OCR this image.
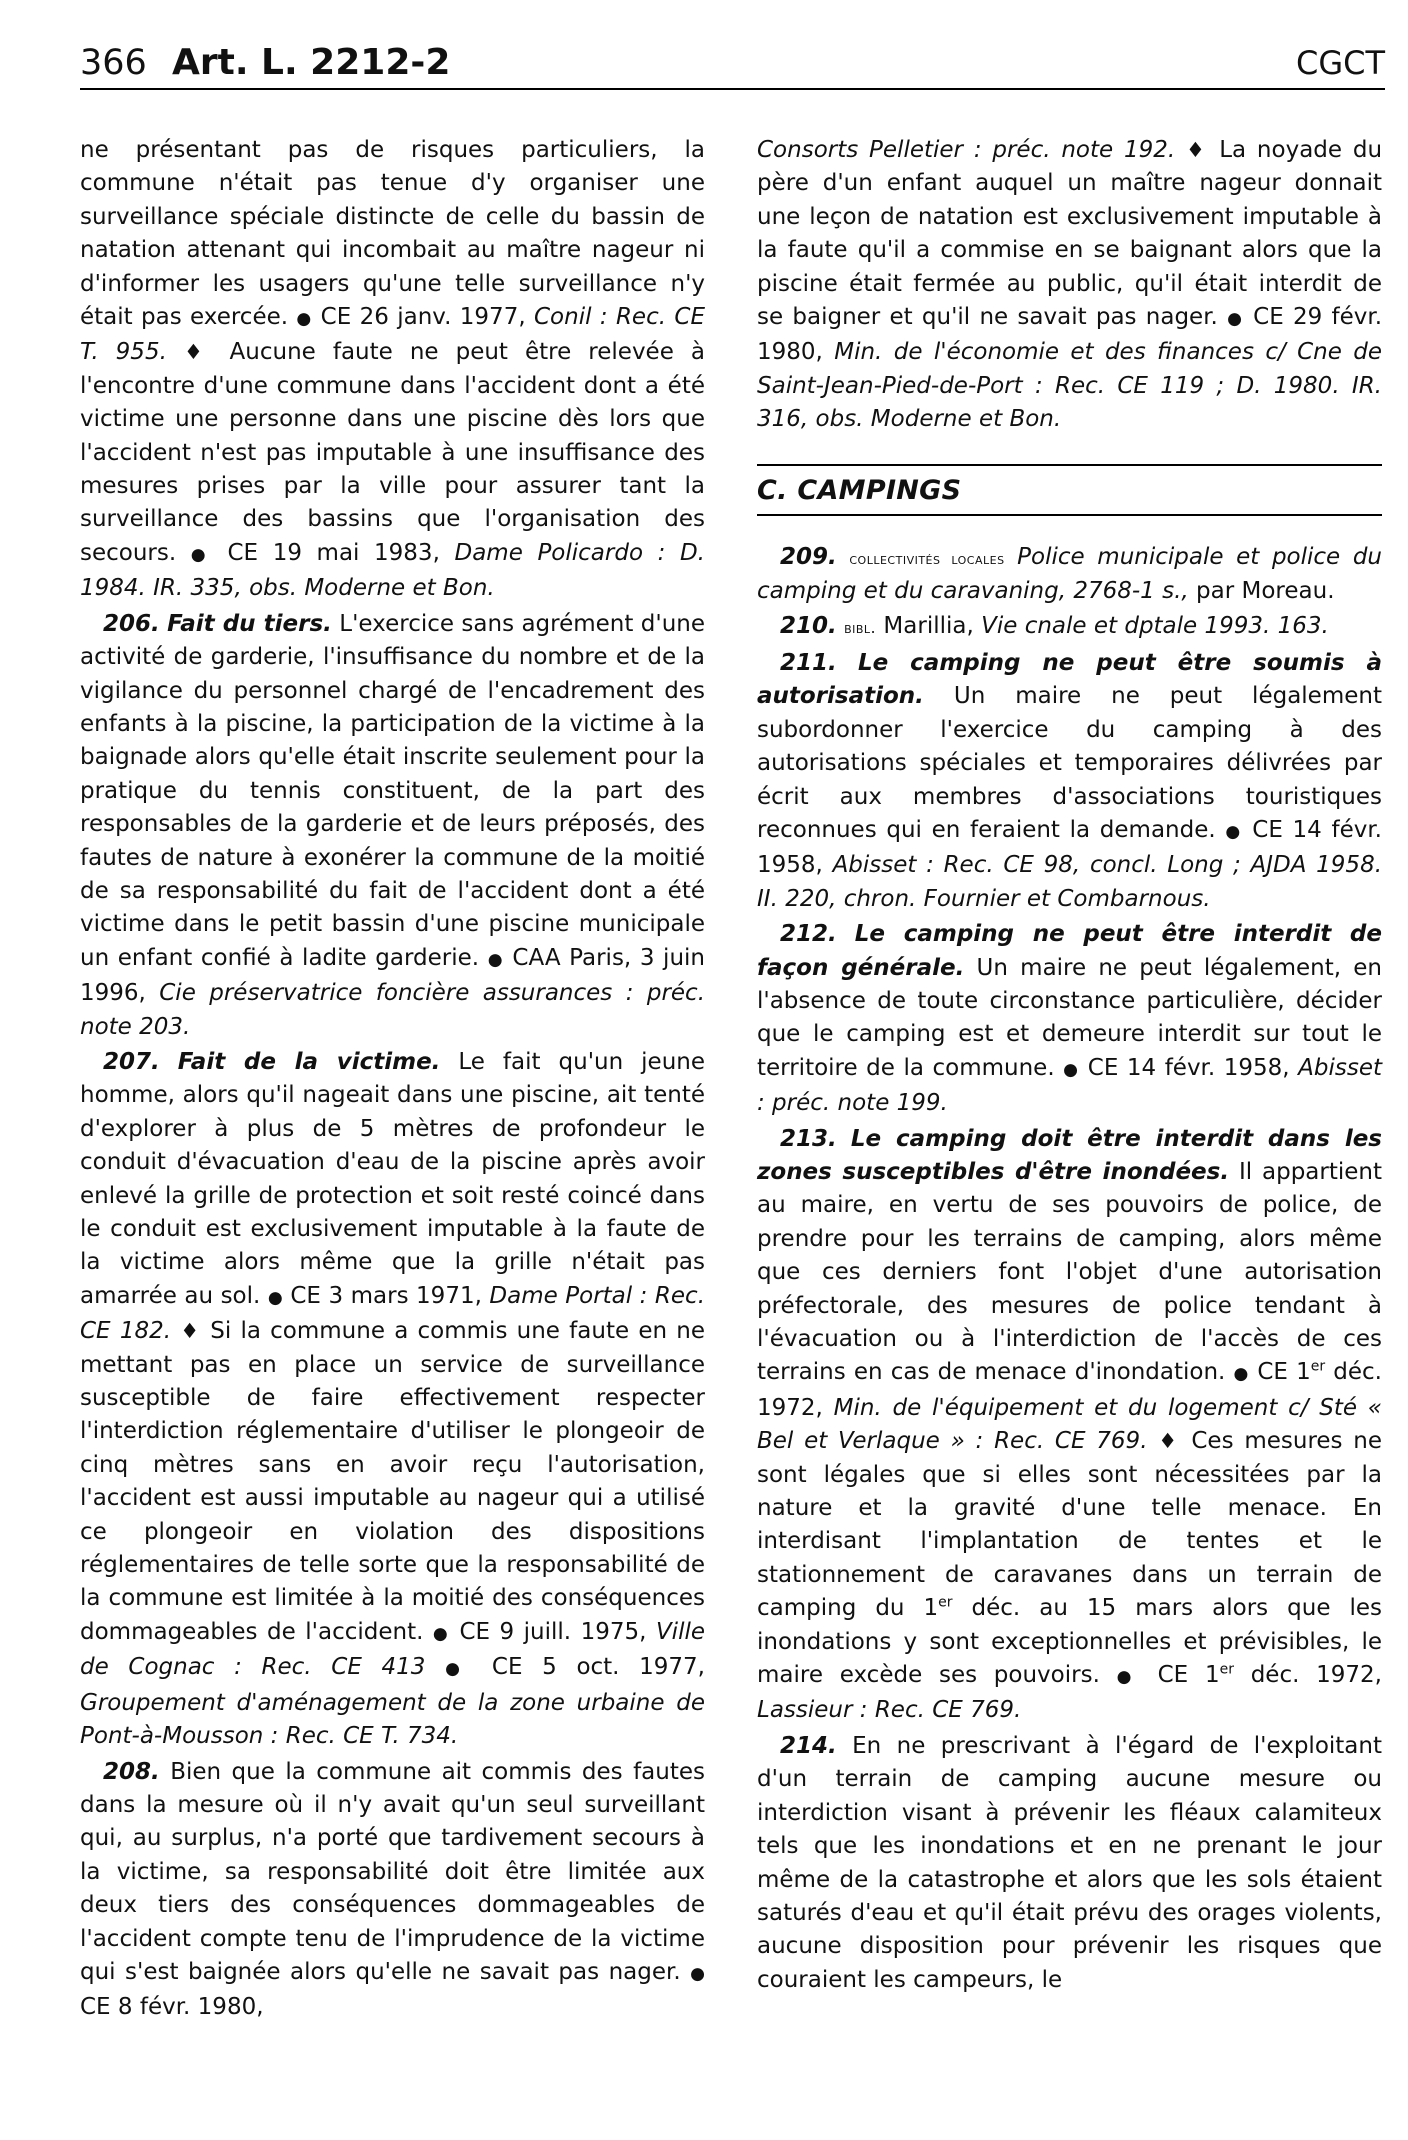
366 Art. L. 2212-2	CGCT

ne présentant pas de risques particuliers, la commune n'était pas tenue d'y organiser une surveillance spéciale distincte de celle du bassin de natation attenant qui incombait au maître nageur ni d'informer les usagers qu'une telle surveillance n'y était pas exercée. ● CE 26 janv. 1977, Conil : Rec. CE T. 955. ♦ Aucune faute ne peut être relevée à l'encontre d'une commune dans l'accident dont a été victime une personne dans une piscine dès lors que l'accident n'est pas imputable à une insuffisance des mesures prises par la ville pour assurer tant la surveillance des bassins que l'organisation des secours. ● CE 19 mai 1983, Dame Policardo : D. 1984. IR. 335, obs. Moderne et Bon.

206. Fait du tiers. L'exercice sans agrément d'une activité de garderie, l'insuffisance du nombre et de la vigilance du personnel chargé de l'encadrement des enfants à la piscine, la participation de la victime à la baignade alors qu'elle était inscrite seulement pour la pratique du tennis constituent, de la part des responsables de la garderie et de leurs préposés, des fautes de nature à exonérer la commune de la moitié de sa responsabilité du fait de l'accident dont a été victime dans le petit bassin d'une piscine municipale un enfant confié à ladite garderie. ● CAA Paris, 3 juin 1996, Cie préservatrice foncière assurances : préc. note 203.

207. Fait de la victime. Le fait qu'un jeune homme, alors qu'il nageait dans une piscine, ait tenté d'explorer à plus de 5 mètres de profondeur le conduit d'évacuation d'eau de la piscine après avoir enlevé la grille de protection et soit resté coincé dans le conduit est exclusivement imputable à la faute de la victime alors même que la grille n'était pas amarrée au sol. ● CE 3 mars 1971, Dame Portal : Rec. CE 182. ♦ Si la commune a commis une faute en ne mettant pas en place un service de surveillance susceptible de faire effectivement respecter l'interdiction réglementaire d'utiliser le plongeoir de cinq mètres sans en avoir reçu l'autorisation, l'accident est aussi imputable au nageur qui a utilisé ce plongeoir en violation des dispositions réglementaires de telle sorte que la responsabilité de la commune est limitée à la moitié des conséquences dommageables de l'accident. ● CE 9 juill. 1975, Ville de Cognac : Rec. CE 413 ● CE 5 oct. 1977, Groupement d'aménagement de la zone urbaine de Pont-à-Mousson : Rec. CE T. 734.

208. Bien que la commune ait commis des fautes dans la mesure où il n'y avait qu'un seul surveillant qui, au surplus, n'a porté que tardivement secours à la victime, sa responsabilité doit être limitée aux deux tiers des conséquences dommageables de l'accident compte tenu de l'imprudence de la victime qui s'est baignée alors qu'elle ne savait pas nager. ● CE 8 févr. 1980,

Consorts Pelletier : préc. note 192. ♦ La noyade du père d'un enfant auquel un maître nageur donnait une leçon de natation est exclusivement imputable à la faute qu'il a commise en se baignant alors que la piscine était fermée au public, qu'il était interdit de se baigner et qu'il ne savait pas nager. ● CE 29 févr. 1980, Min. de l'économie et des finances c/ Cne de Saint-Jean-Pied-de-Port : Rec. CE 119 ; D. 1980. IR. 316, obs. Moderne et Bon.

C. CAMPINGS

209. collectivités locales Police municipale et police du camping et du caravaning, 2768-1 s., par Moreau.

210. bibl. Marillia, Vie cnale et dptale 1993. 163.

211. Le camping ne peut être soumis à autorisation. Un maire ne peut légalement subordonner l'exercice du camping à des autorisations spéciales et temporaires délivrées par écrit aux membres d'associations touristiques reconnues qui en feraient la demande. ● CE 14 févr. 1958, Abisset : Rec. CE 98, concl. Long ; AJDA 1958. II. 220, chron. Fournier et Combarnous.

212. Le camping ne peut être interdit de façon générale. Un maire ne peut légalement, en l'absence de toute circonstance particulière, décider que le camping est et demeure interdit sur tout le territoire de la commune. ● CE 14 févr. 1958, Abisset : préc. note 199.

213. Le camping doit être interdit dans les zones susceptibles d'être inondées. Il appartient au maire, en vertu de ses pouvoirs de police, de prendre pour les terrains de camping, alors même que ces derniers font l'objet d'une autorisation préfectorale, des mesures de police tendant à l'évacuation ou à l'interdiction de l'accès de ces terrains en cas de menace d'inondation. ● CE 1er déc. 1972, Min. de l'équipement et du logement c/ Sté « Bel et Verlaque » : Rec. CE 769. ♦ Ces mesures ne sont légales que si elles sont nécessitées par la nature et la gravité d'une telle menace. En interdisant l'implantation de tentes et le stationnement de caravanes dans un terrain de camping du 1er déc. au 15 mars alors que les inondations y sont exceptionnelles et prévisibles, le maire excède ses pouvoirs. ● CE 1er déc. 1972, Lassieur : Rec. CE 769.

214. En ne prescrivant à l'égard de l'exploitant d'un terrain de camping aucune mesure ou interdiction visant à prévenir les fléaux calamiteux tels que les inondations et en ne prenant le jour même de la catastrophe et alors que les sols étaient saturés d'eau et qu'il était prévu des orages violents, aucune disposition pour prévenir les risques que couraient les campeurs, le
